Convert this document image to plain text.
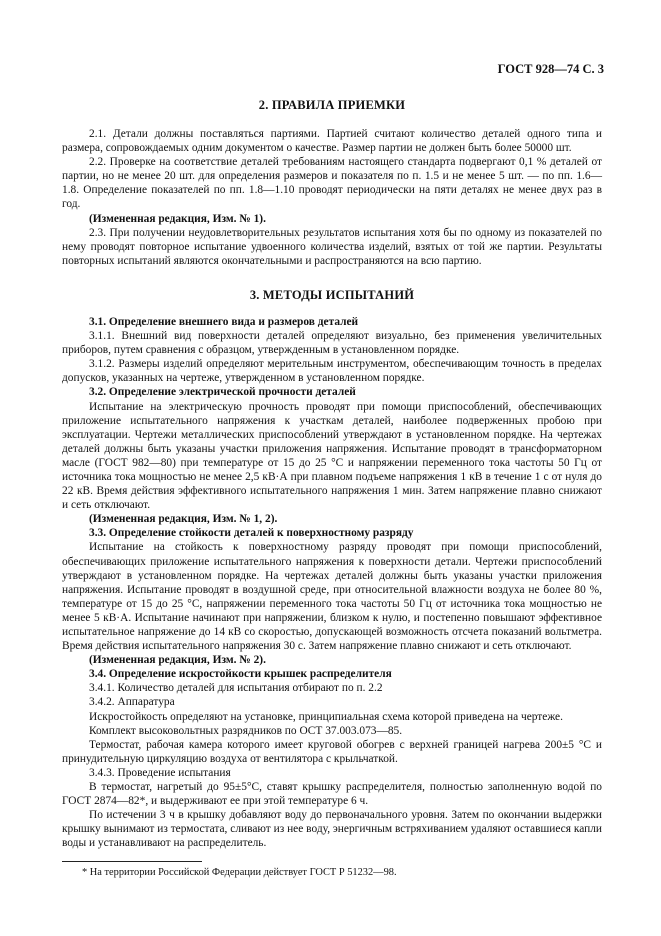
ГОСТ 928—74 С. 3
2. ПРАВИЛА ПРИЕМКИ

2.1. Детали должны поставляться партиями. Партией считают количество деталей одного типа и размера, сопровождаемых одним документом о качестве. Размер партии не должен быть более 50000 шт.

2.2. Проверке на соответствие деталей требованиям настоящего стандарта подвергают 0,1 % деталей от партии, но не менее 20 шт. для определения размеров и показателя по п. 1.5 и не менее 5 шт. — по пп. 1.6—1.8. Определение показателей по пп. 1.8—1.10 проводят периодически на пяти деталях не менее двух раз в год.

(Измененная редакция, Изм. № 1).

2.3. При получении неудовлетворительных результатов испытания хотя бы по одному из показателей по нему проводят повторное испытание удвоенного количества изделий, взятых от той же партии. Результаты повторных испытаний являются окончательными и распространяются на всю партию.

3. МЕТОДЫ ИСПЫТАНИЙ

3.1. Определение внешнего вида и размеров деталей

3.1.1. Внешний вид поверхности деталей определяют визуально, без применения увеличительных приборов, путем сравнения с образцом, утвержденным в установленном порядке.

3.1.2. Размеры изделий определяют мерительным инструментом, обеспечивающим точность в пределах допусков, указанных на чертеже, утвержденном в установленном порядке.

3.2. Определение электрической прочности деталей

Испытание на электрическую прочность проводят при помощи приспособлений, обеспечивающих приложение испытательного напряжения к участкам деталей, наиболее подверженных пробою при эксплуатации. Чертежи металлических приспособлений утверждают в установленном порядке. На чертежах деталей должны быть указаны участки приложения напряжения. Испытание проводят в трансформаторном масле (ГОСТ 982—80) при температуре от 15 до 25 °С и напряжении переменного тока частоты 50 Гц от источника тока мощностью не менее 2,5 кВ·А при плавном подъеме напряжения 1 кВ в течение 1 с от нуля до 22 кВ. Время действия эффективного испытательного напряжения 1 мин. Затем напряжение плавно снижают и сеть отключают.

(Измененная редакция, Изм. № 1, 2).

3.3. Определение стойкости деталей к поверхностному разряду

Испытание на стойкость к поверхностному разряду проводят при помощи приспособлений, обеспечивающих приложение испытательного напряжения к поверхности детали. Чертежи приспособлений утверждают в установленном порядке. На чертежах деталей должны быть указаны участки приложения напряжения. Испытание проводят в воздушной среде, при относительной влажности воздуха не более 80 %, температуре от 15 до 25 °С, напряжении переменного тока частоты 50 Гц от источника тока мощностью не менее 5 кВ·А. Испытание начинают при напряжении, близком к нулю, и постепенно повышают эффективное испытательное напряжение до 14 кВ со скоростью, допускающей возможность отсчета показаний вольтметра. Время действия испытательного напряжения 30 с. Затем напряжение плавно снижают и сеть отключают.

(Измененная редакция, Изм. № 2).

3.4. Определение искростойкости крышек распределителя

3.4.1. Количество деталей для испытания отбирают по п. 2.2

3.4.2. Аппаратура

Искростойкость определяют на установке, принципиальная схема которой приведена на чертеже.

Комплект высоковольтных разрядников по ОСТ 37.003.073—85.

Термостат, рабочая камера которого имеет круговой обогрев с верхней границей нагрева 200±5 °С и принудительную циркуляцию воздуха от вентилятора с крыльчаткой.

3.4.3. Проведение испытания

В термостат, нагретый до 95±5°С, ставят крышку распределителя, полностью заполненную водой по ГОСТ 2874—82*, и выдерживают ее при этой температуре 6 ч.

По истечении 3 ч в крышку добавляют воду до первоначального уровня. Затем по окончании выдержки крышку вынимают из термостата, сливают из нее воду, энергичным встряхиванием удаляют оставшиеся капли воды и устанавливают на распределитель.

* На территории Российской Федерации действует ГОСТ Р 51232—98.
